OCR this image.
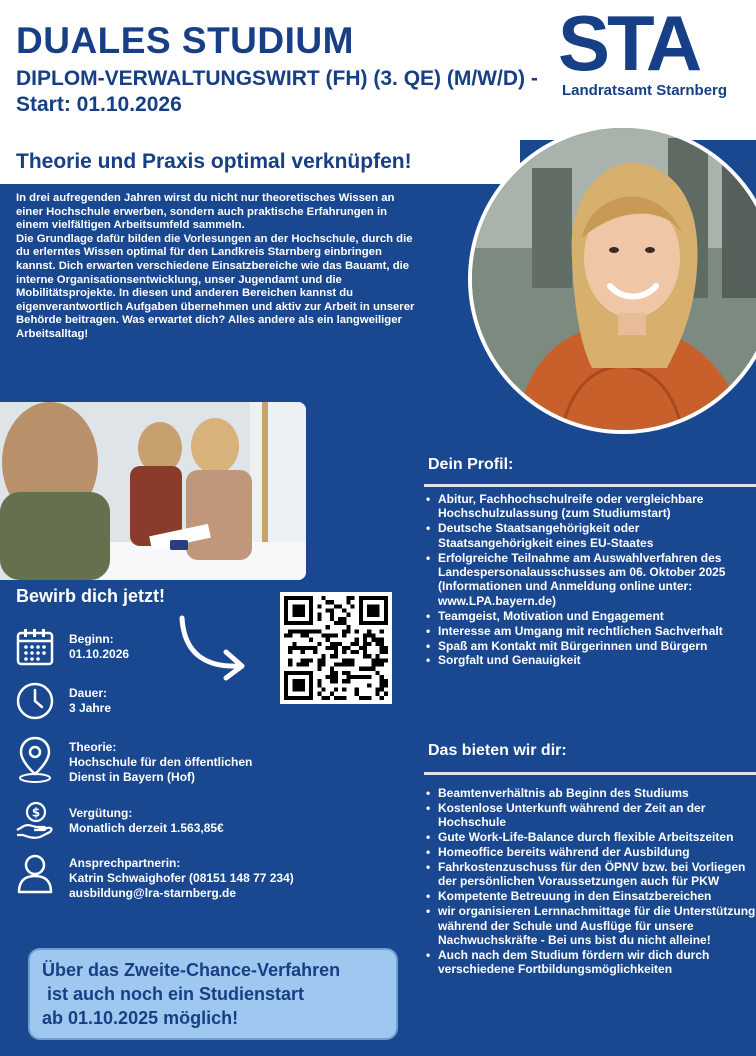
DUALES STUDIUM
DIPLOM-VERWALTUNGSWIRT (FH) (3. QE) (M/W/D) - Start: 01.10.2026
STA
Landratsamt Starnberg
Theorie und Praxis optimal verknüpfen!

In drei aufregenden Jahren wirst du nicht nur theoretisches Wissen an einer Hochschule erwerben, sondern auch praktische Erfahrungen in einem vielfältigen Arbeitsumfeld sammeln.

Die Grundlage dafür bilden die Vorlesungen an der Hochschule, durch die du erlerntes Wissen optimal für den Landkreis Starnberg einbringen kannst. Dich erwarten verschiedene Einsatzbereiche wie das Bauamt, die interne Organisationsentwicklung, unser Jugendamt und die Mobilitätsprojekte. In diesen und anderen Bereichen kannst du eigenverantwortlich Aufgaben übernehmen und aktiv zur Arbeit in unserer Behörde beitragen. Was erwartet dich? Alles andere als ein langweiliger Arbeitsalltag!

Bewirb dich jetzt!
Beginn:
01.10.2026
Dauer:
3 Jahre
Theorie:
Hochschule für den öffentlichen
Dienst in Bayern (Hof)
$ Vergütung:
Monatlich derzeit 1.563,85€
Ansprechpartnerin:
Katrin Schwaighofer (08151 148 77 234)
ausbildung@lra-starnberg.de
Dein Profil:
• Abitur, Fachhochschulreife oder vergleichbare Hochschulzulassung (zum Studiumstart)
• Deutsche Staatsangehörigkeit oder Staatsangehörigkeit eines EU-Staates
• Erfolgreiche Teilnahme am Auswahlverfahren des Landespersonalausschusses am 06. Oktober 2025 (Informationen und Anmeldung online unter: www.LPA.bayern.de)
• Teamgeist, Motivation und Engagement
• Interesse am Umgang mit rechtlichen Sachverhalt
• Spaß am Kontakt mit Bürgerinnen und Bürgern
• Sorgfalt und Genauigkeit
Das bieten wir dir:
• Beamtenverhältnis ab Beginn des Studiums
• Kostenlose Unterkunft während der Zeit an der Hochschule
• Gute Work-Life-Balance durch flexible Arbeitszeiten
• Homeoffice bereits während der Ausbildung
• Fahrkostenzuschuss für den ÖPNV bzw. bei Vorliegen der persönlichen Voraussetzungen auch für PKW
• Kompetente Betreuung in den Einsatzbereichen
• wir organisieren Lernnachmittage für die Unterstützung während der Schule und Ausflüge für unsere Nachwuchskräfte - Bei uns bist du nicht alleine!
• Auch nach dem Studium fördern wir dich durch verschiedene Fortbildungsmöglichkeiten
Über das Zweite-Chance-Verfahren
ist auch noch ein Studienstart
ab 01.10.2025 möglich!
